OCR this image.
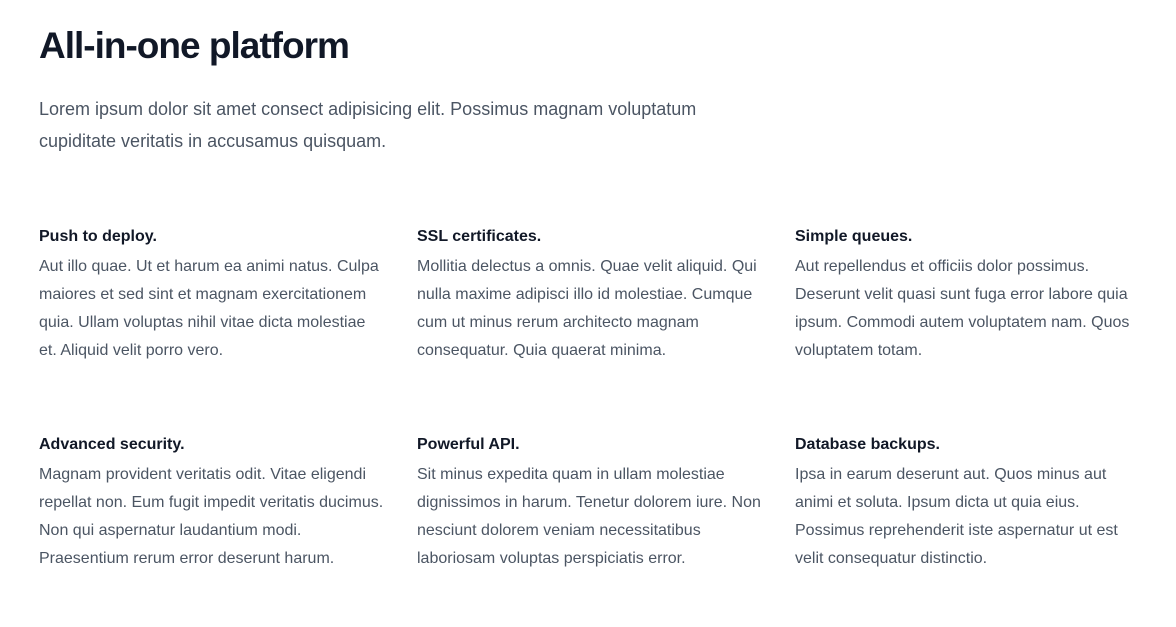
All-in-one platform

Lorem ipsum dolor sit amet consect adipisicing elit. Possimus magnam voluptatum cupiditate veritatis in accusamus quisquam.

Push to deploy.

Aut illo quae. Ut et harum ea animi natus. Culpa maiores et sed sint et magnam exercitationem quia. Ullam voluptas nihil vitae dicta molestiae et. Aliquid velit porro vero.

SSL certificates.

Mollitia delectus a omnis. Quae velit aliquid. Qui nulla maxime adipisci illo id molestiae. Cumque cum ut minus rerum architecto magnam consequatur. Quia quaerat minima.

Simple queues.

Aut repellendus et officiis dolor possimus. Deserunt velit quasi sunt fuga error labore quia ipsum. Commodi autem voluptatem nam. Quos voluptatem totam.

Advanced security.

Magnam provident veritatis odit. Vitae eligendi repellat non. Eum fugit impedit veritatis ducimus. Non qui aspernatur laudantium modi. Praesentium rerum error deserunt harum.

Powerful API.

Sit minus expedita quam in ullam molestiae dignissimos in harum. Tenetur dolorem iure. Non nesciunt dolorem veniam necessitatibus laboriosam voluptas perspiciatis error.

Database backups.

Ipsa in earum deserunt aut. Quos minus aut animi et soluta. Ipsum dicta ut quia eius. Possimus reprehenderit iste aspernatur ut est velit consequatur distinctio.
